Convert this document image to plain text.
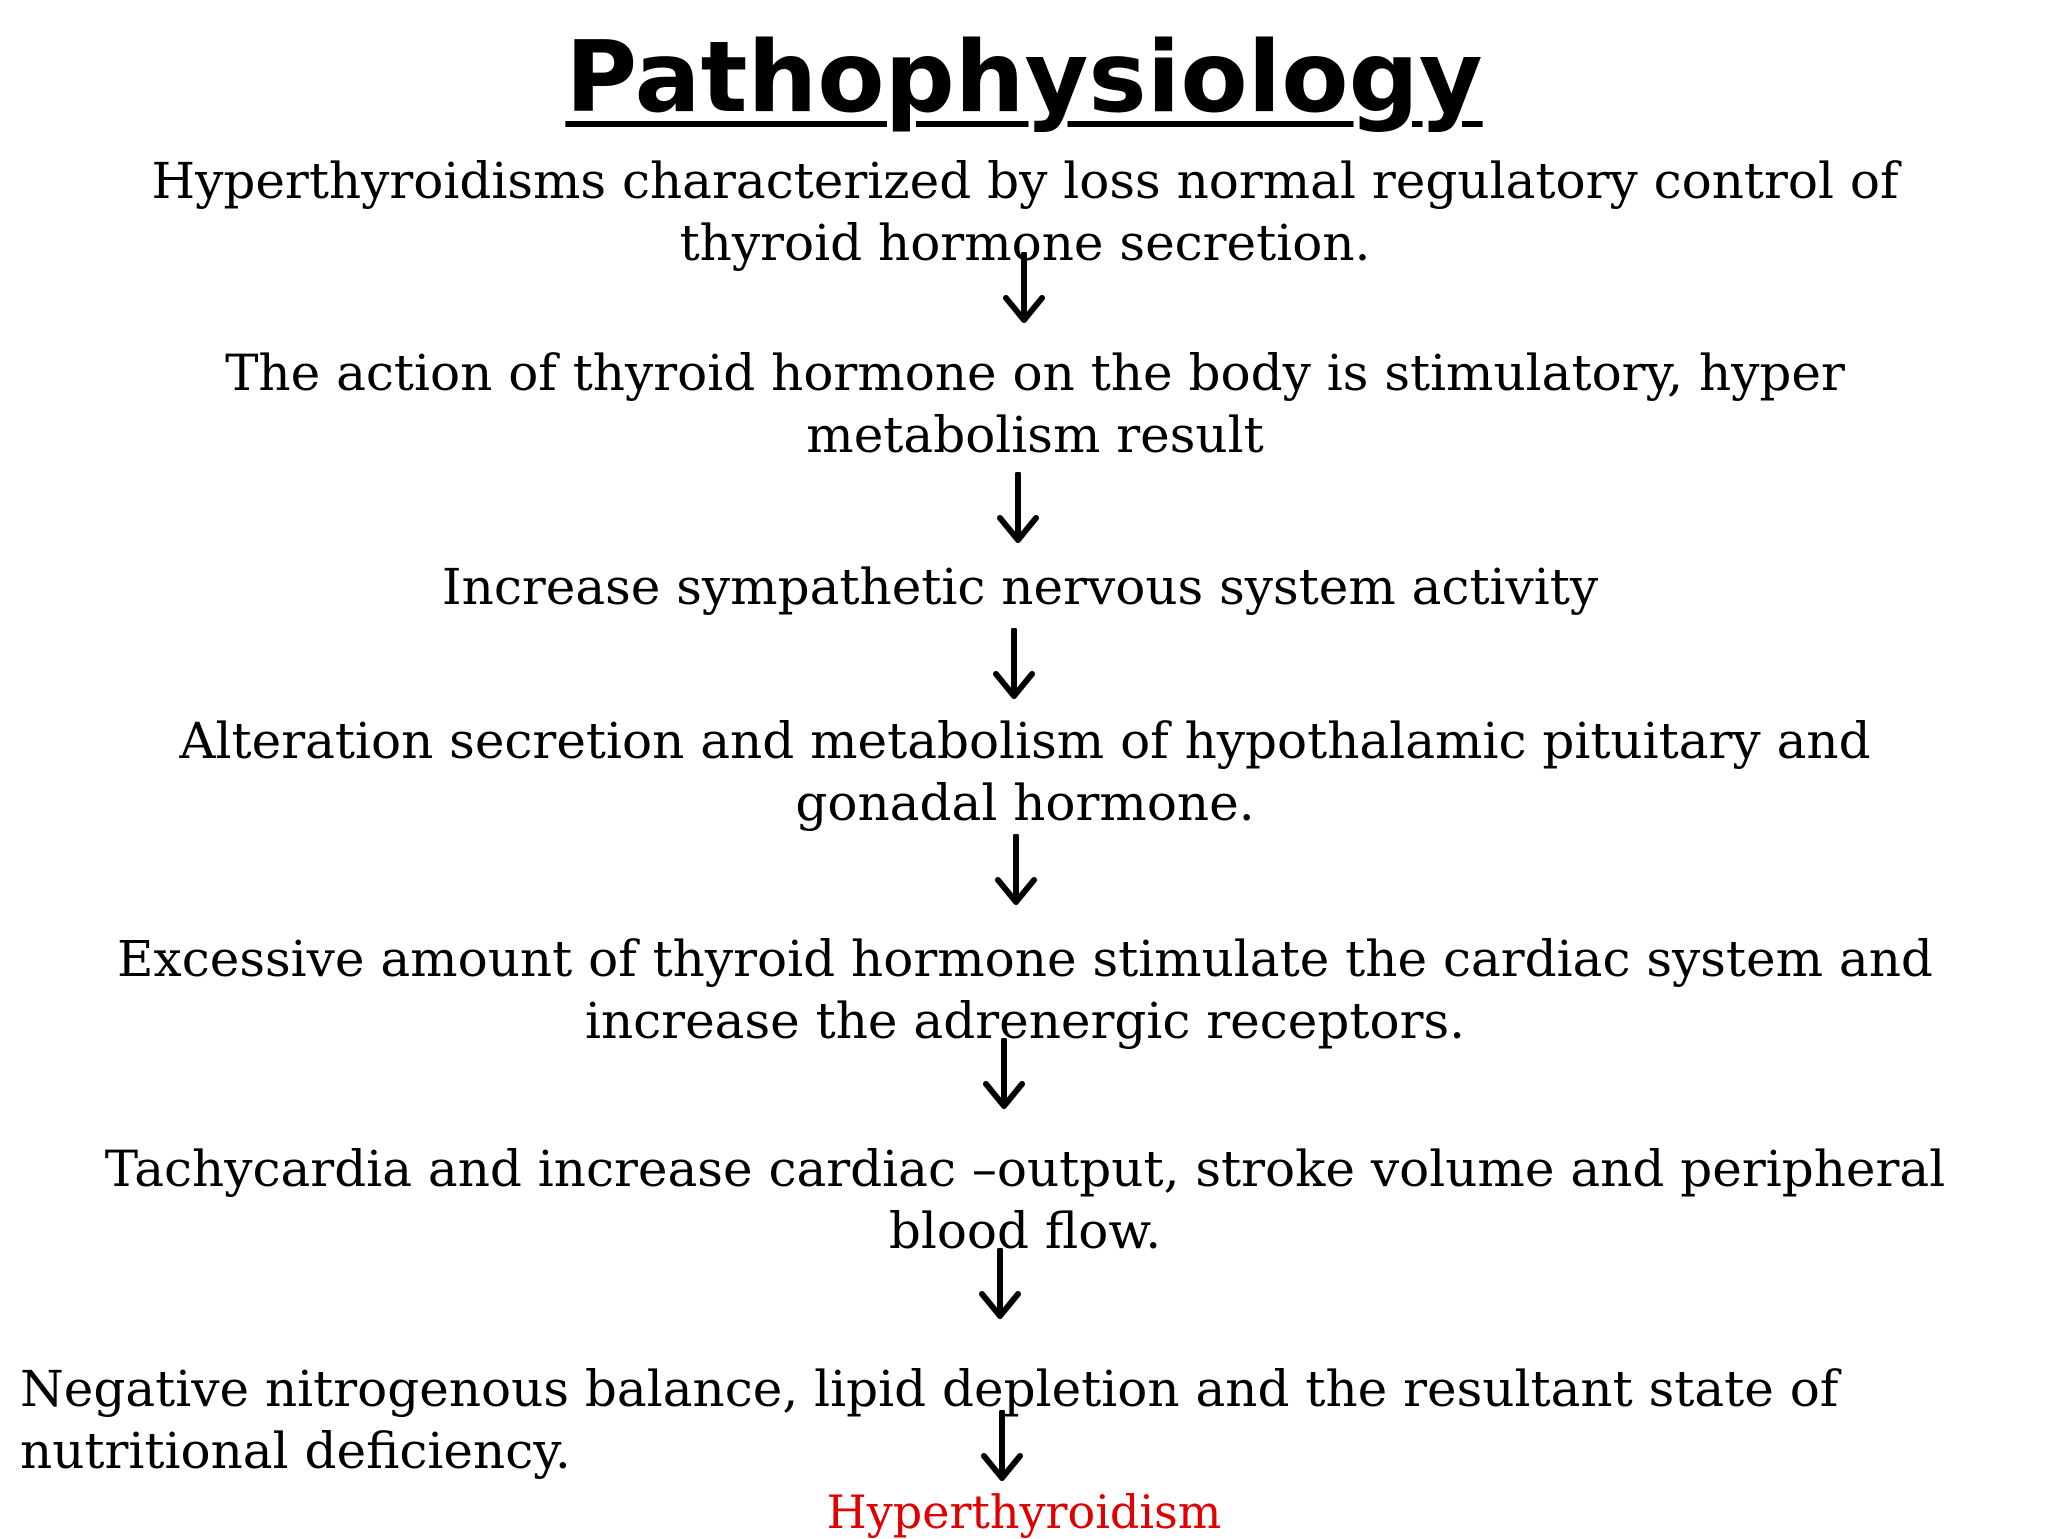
Pathophysiology

Hyperthyroidisms characterized by loss normal regulatory control of thyroid hormone secretion.

The action of thyroid hormone on the body is stimulatory, hyper metabolism result

Increase sympathetic nervous system activity

Alteration secretion and metabolism of hypothalamic pituitary and gonadal hormone.

Excessive amount of thyroid hormone stimulate the cardiac system and increase the adrenergic receptors.

Tachycardia and increase cardiac –output, stroke volume and peripheral blood flow.

Negative nitrogenous balance, lipid depletion and the resultant state of nutritional deficiency.

Hyperthyroidism
